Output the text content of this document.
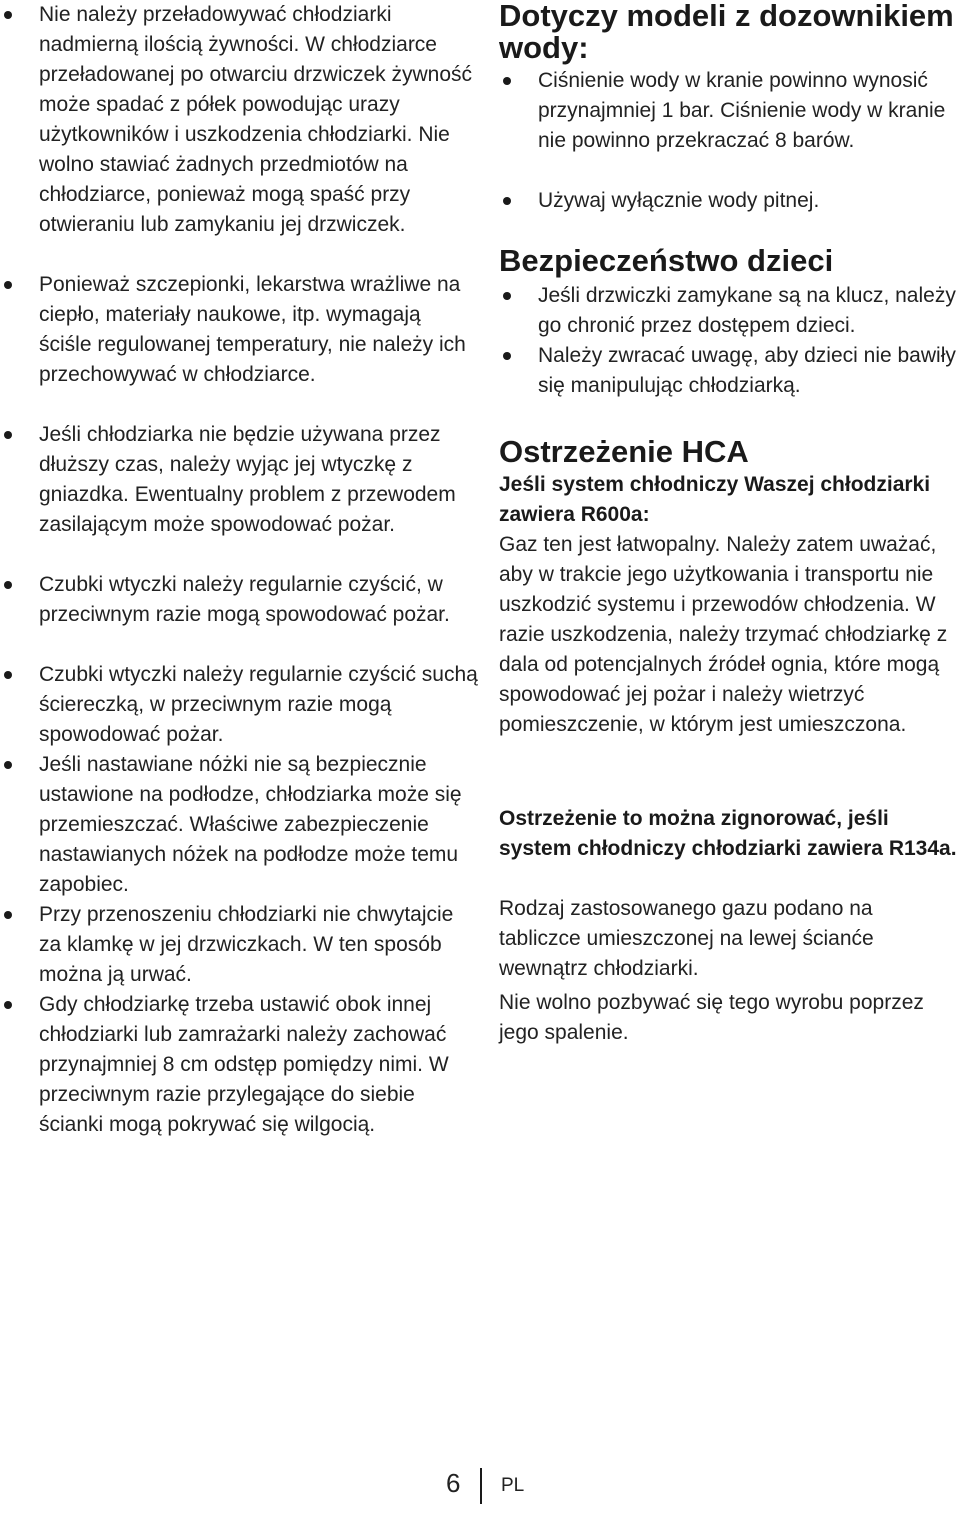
Nie należy przeładowywać chłodziarki nadmierną ilością żywności. W chłodziarce przeładowanej po otwarciu drzwiczek żywność może spadać z półek powodując urazy użytkowników i uszkodzenia chłodziarki. Nie wolno stawiać żadnych przedmiotów na chłodziarce, ponieważ mogą spaść przy otwieraniu lub zamykaniu jej drzwiczek.
Ponieważ szczepionki, lekarstwa wrażliwe na ciepło, materiały naukowe, itp. wymagają ściśle regulowanej temperatury, nie należy ich przechowywać w chłodziarce.
Jeśli chłodziarka nie będzie używana przez dłuższy czas, należy wyjąc jej wtyczkę z gniazdka. Ewentualny problem z przewodem zasilającym może spowodować pożar.
Czubki wtyczki należy regularnie czyścić, w przeciwnym razie mogą spowodować pożar.
Czubki wtyczki należy regularnie czyścić suchą ściereczką, w przeciwnym razie mogą spowodować pożar.
Jeśli nastawiane nóżki nie są bezpiecznie ustawione na podłodze, chłodziarka może się przemieszczać. Właściwe zabezpieczenie nastawianych nóżek na podłodze może temu zapobiec.
Przy przenoszeniu chłodziarki nie chwytajcie za klamkę w jej drzwiczkach. W ten sposób można ją urwać.
Gdy chłodziarkę trzeba ustawić obok innej chłodziarki lub zamrażarki należy zachować przynajmniej 8 cm odstęp pomiędzy nimi. W przeciwnym razie przylegające do siebie ścianki mogą pokrywać się wilgocią.
Dotyczy modeli z dozownikiem wody:
Ciśnienie wody w kranie powinno wynosić przynajmniej 1 bar. Ciśnienie wody w kranie nie powinno przekraczać 8 barów.
Używaj wyłącznie wody pitnej.
Bezpieczeństwo dzieci
Jeśli drzwiczki zamykane są na klucz, należy go chronić przez dostępem dzieci.
Należy zwracać uwagę, aby dzieci nie bawiły się manipulując chłodziarką.
Ostrzeżenie HCA

Jeśli system chłodniczy Waszej chłodziarki zawiera R600a:

Gaz ten jest łatwopalny. Należy zatem uważać, aby w trakcie jego użytkowania i transportu nie uszkodzić systemu i przewodów chłodzenia. W razie uszkodzenia, należy trzymać chłodziarkę z dala od potencjalnych źródeł ognia, które mogą spowodować jej pożar i należy wietrzyć pomieszczenie, w którym jest umieszczona.

Ostrzeżenie to można zignorować, jeśli system chłodniczy chłodziarki zawiera R134a.

Rodzaj zastosowanego gazu podano na tabliczce umieszczonej na lewej ścianće wewnątrz chłodziarki.

Nie wolno pozbywać się tego wyrobu poprzez jego spalenie.

6 PL
